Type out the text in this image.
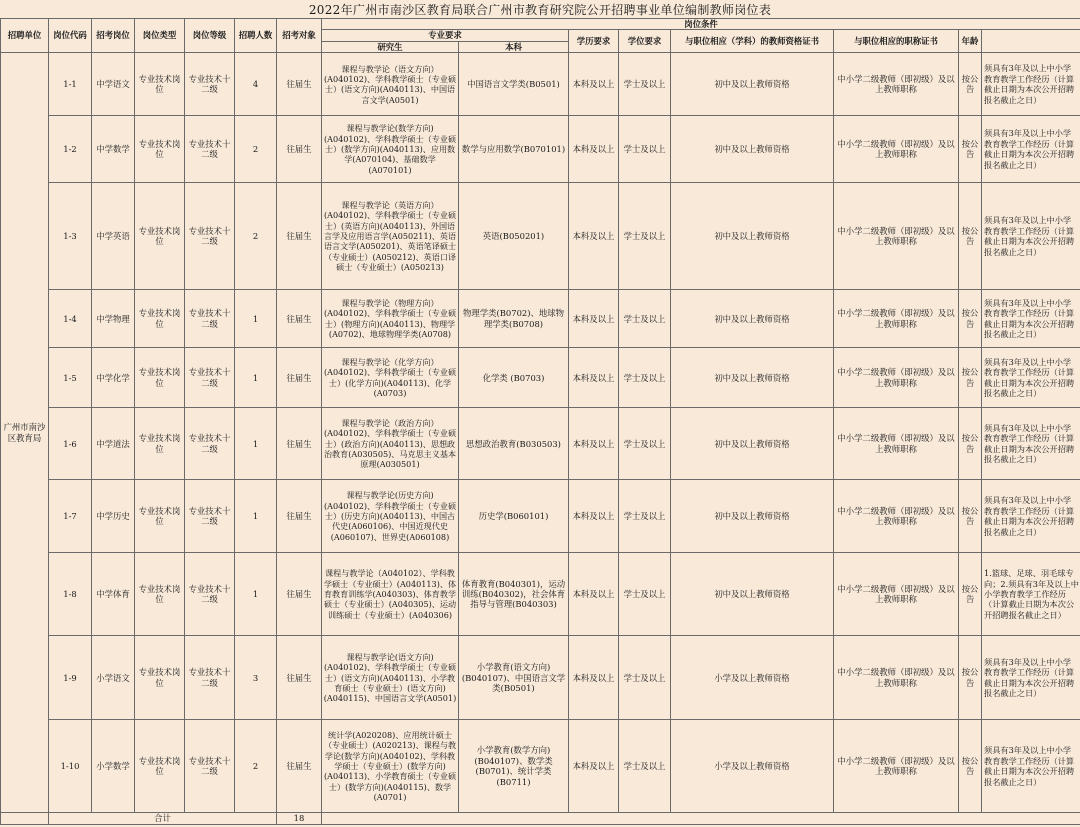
2022年广州市南沙区教育局联合广州市教育研究院公开招聘事业单位编制教师岗位表
招聘单位	岗位代码	招考岗位	岗位类型	岗位等级	招聘人数	招考对象	岗位条件	
							专业要求		学历要求	学位要求	与职位相应（学科）的教师资格证书	与职位相应的职称证书	年龄		
							研究生	本科							
广州市南沙区教育局	1-1	中学语文	专业技术岗位	专业技术十二级	4	往届生	课程与教学论（语文方向）(A040102)、学科教学硕士（专业硕士）(语文方向)(A040113)、中国语言文学(A0501)	中国语言文学类(B0501)	本科及以上	学士及以上	初中及以上教师资格	中小学二级教师（即初级）及以上教师职称	按公告	须具有3年及以上中小学教育教学工作经历（计算截止日期为本次公开招聘报名截止之日）	
	1-2	中学数学	专业技术岗位	专业技术十二级	2	往届生	课程与教学论(数学方向)(A040102)、学科教学硕士（专业硕士）(数学方向)(A040113)、应用数学(A070104)、基础数学(A070101)	数学与应用数学(B070101)	本科及以上	学士及以上	初中及以上教师资格	中小学二级教师（即初级）及以上教师职称	按公告	须具有3年及以上中小学教育教学工作经历（计算截止日期为本次公开招聘报名截止之日）	
	1-3	中学英语	专业技术岗位	专业技术十二级	2	往届生	课程与教学论（英语方向）(A040102)、学科教学硕士（专业硕士）(英语方向)(A040113)、外国语言学及应用语言学(A050211)、英语语言文学(A050201)、英语笔译硕士（专业硕士）(A050212)、英语口译硕士（专业硕士）(A050213)	英语(B050201)	本科及以上	学士及以上	初中及以上教师资格	中小学二级教师（即初级）及以上教师职称	按公告	须具有3年及以上中小学教育教学工作经历（计算截止日期为本次公开招聘报名截止之日）	
	1-4	中学物理	专业技术岗位	专业技术十二级	1	往届生	课程与教学论（物理方向）(A040102)、学科教学硕士（专业硕士）(物理方向)(A040113)、物理学(A0702)、地球物理学类(A0708)	物理学类(B0702)、地球物理学类(B0708)	本科及以上	学士及以上	初中及以上教师资格	中小学二级教师（即初级）及以上教师职称	按公告	须具有3年及以上中小学教育教学工作经历（计算截止日期为本次公开招聘报名截止之日）	
	1-5	中学化学	专业技术岗位	专业技术十二级	1	往届生	课程与教学论（化学方向）(A040102)、学科教学硕士（专业硕士）(化学方向)(A040113)、化学(A0703)	化学类 (B0703)	本科及以上	学士及以上	初中及以上教师资格	中小学二级教师（即初级）及以上教师职称	按公告	须具有3年及以上中小学教育教学工作经历（计算截止日期为本次公开招聘报名截止之日）	
	1-6	中学道法	专业技术岗位	专业技术十二级	1	往届生	课程与教学论（政治方向）(A040102)、学科教学硕士（专业硕士）(政治方向)(A040113)、思想政治教育(A030505)、马克思主义基本原理(A030501)	思想政治教育(B030503)	本科及以上	学士及以上	初中及以上教师资格	中小学二级教师（即初级）及以上教师职称	按公告	须具有3年及以上中小学教育教学工作经历（计算截止日期为本次公开招聘报名截止之日）	
	1-7	中学历史	专业技术岗位	专业技术十二级	1	往届生	课程与教学论(历史方向)(A040102)、学科教学硕士（专业硕士）(历史方向)(A040113)、中国古代史(A060106)、中国近现代史(A060107)、世界史(A060108)	历史学(B060101)	本科及以上	学士及以上	初中及以上教师资格	中小学二级教师（即初级）及以上教师职称	按公告	须具有3年及以上中小学教育教学工作经历（计算截止日期为本次公开招聘报名截止之日）	
	1-8	中学体育	专业技术岗位	专业技术十二级	1	往届生	课程与教学论（A040102）、学科教学硕士（专业硕士）(A040113)、体育教育训练学(A040303)、体育教学硕士（专业硕士）(A040305)、运动训练硕士（专业硕士）(A040306)	体育教育(B040301)，运动训练(B040302)，社会体育指导与管理(B040303)	本科及以上	学士及以上	初中及以上教师资格	中小学二级教师（即初级）及以上教师职称	按公告	1.篮球、足球、羽毛球专向；2.须具有3年及以上中小学教育教学工作经历（计算截止日期为本次公开招聘报名截止之日）	
	1-9	小学语文	专业技术岗位	专业技术十二级	3	往届生	课程与教学论(语文方向)(A040102)、学科教学硕士（专业硕士）(语文方向)(A040113)、小学教育硕士（专业硕士）(语文方向)(A040115)、中国语言文学(A0501)	小学教育(语文方向)(B040107)、中国语言文学类(B0501)	本科及以上	学士及以上	小学及以上教师资格	中小学二级教师（即初级）及以上教师职称	按公告	须具有3年及以上中小学教育教学工作经历（计算截止日期为本次公开招聘报名截止之日）	
	1-10	小学数学	专业技术岗位	专业技术十二级	2	往届生	统计学(A020208)、应用统计硕士（专业硕士）(A020213)、课程与教学论(数学方向)(A040102)、学科教学硕士（专业硕士）(数学方向)(A040113)、小学教育硕士（专业硕士）(数学方向)(A040115)、数学(A0701)	小学教育(数学方向)(B040107)、数学类(B0701)、统计学类(B0711)	本科及以上	学士及以上	小学及以上教师资格	中小学二级教师（即初级）及以上教师职称	按公告	须具有3年及以上中小学教育教学工作经历（计算截止日期为本次公开招聘报名截止之日）	
	合计					18									
